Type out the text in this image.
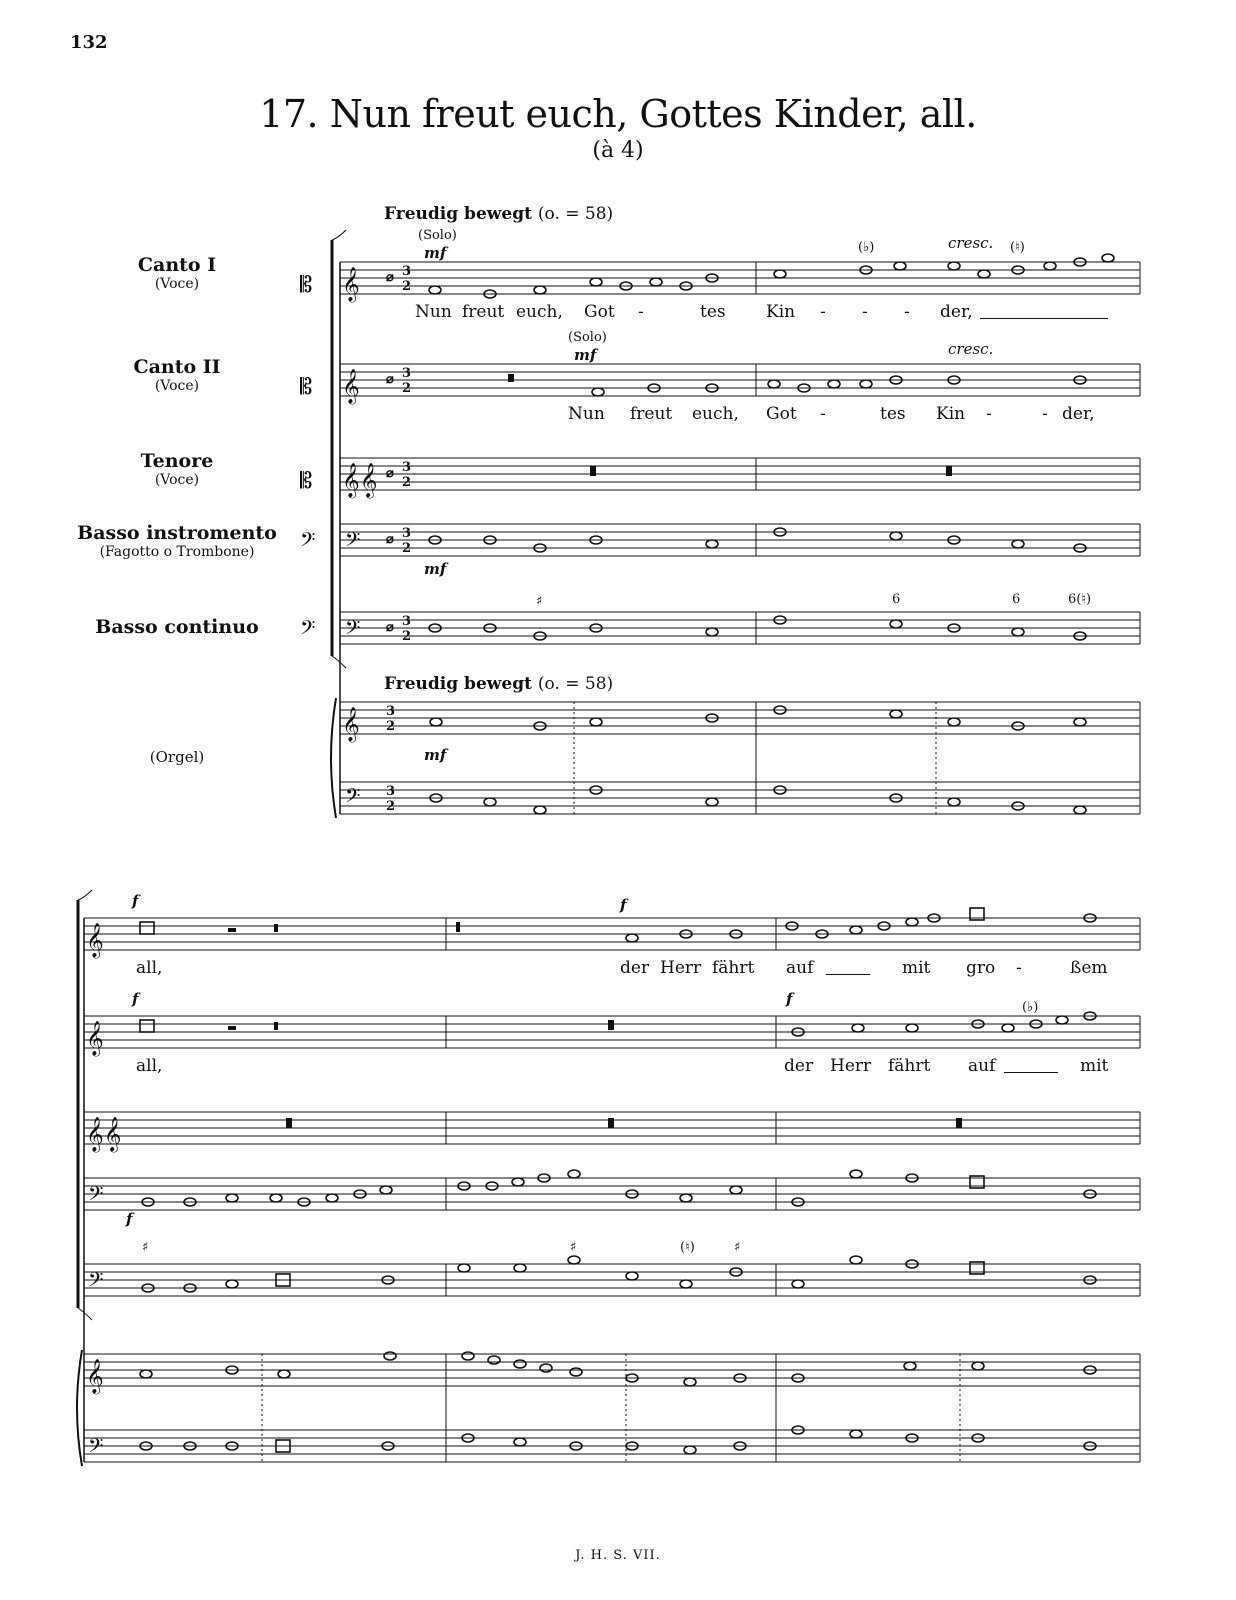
132
17. Nun freut euch, Gottes Kinder, all.
(à 4)
Freudig bewegt (o. = 58)
Freudig bewegt (o. = 58)
Canto I
(Voce)
Canto II
(Voce)
Tenore
(Voce)
Basso instromento
(Fagotto o Trombone)
Basso continuo
(Orgel)
𝄡
𝄡
𝄡
𝄞
𝄞
𝄞𝄞
𝄢
𝄢
𝄢
𝄢
𝄞
𝄢
⌀ 3
2
⌀ 3
2
⌀ 3
2
⌀ 3
2
⌀ 3
2
3
2
3
2
𝄞
𝄞
𝄞𝄞
𝄢
𝄢
𝄞
𝄢
(Solo)
mf
(Solo)
mf
cresc.
(♭)	(♮)
cresc.
mf
mf
♯	6	6	6(♮)
f	f
f	f	(♭)
f
♯	♯	(♮)	♯
Nun freut euch, Got -	tes Kin - - - der,
Nun freut euch, Got -	tes Kin -	- der,
all,	der Herr fährt auf	mit gro -	ßem
all,	der Herr fährt auf	mit
J. H. S. VII.
